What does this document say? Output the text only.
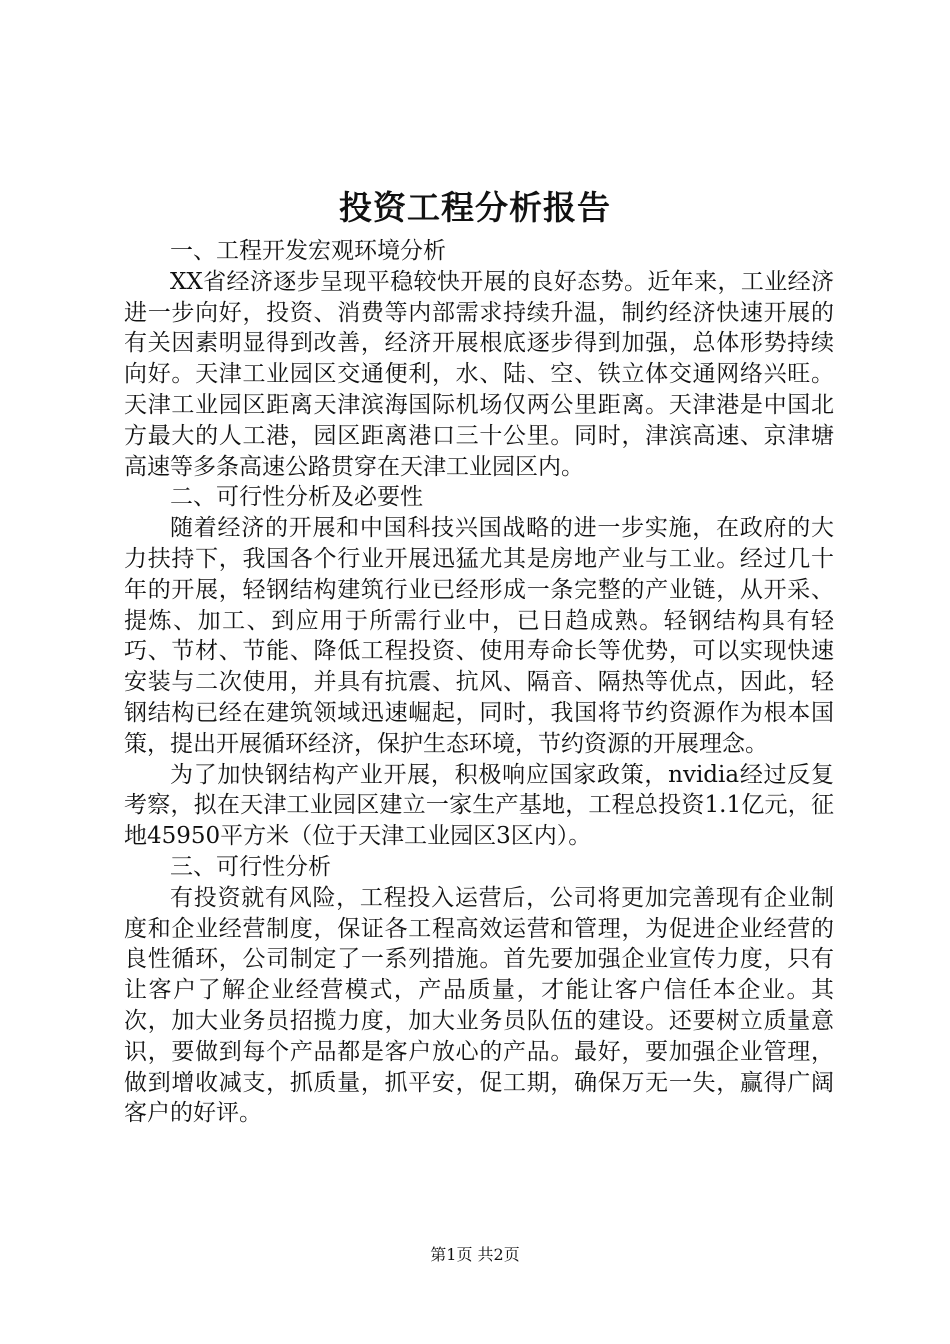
投资工程分析报告
一、工程开发宏观环境分析

XX省经济逐步呈现平稳较快开展的良好态势。近年来，工业经济进一步向好，投资、消费等内部需求持续升温，制约经济快速开展的有关因素明显得到改善，经济开展根底逐步得到加强，总体形势持续向好。天津工业园区交通便利，水、陆、空、铁立体交通网络兴旺。天津工业园区距离天津滨海国际机场仅两公里距离。天津港是中国北方最大的人工港，园区距离港口三十公里。同时，津滨高速、京津塘高速等多条高速公路贯穿在天津工业园区内。

二、可行性分析及必要性

随着经济的开展和中国科技兴国战略的进一步实施，在政府的大力扶持下，我国各个行业开展迅猛尤其是房地产业与工业。经过几十年的开展，轻钢结构建筑行业已经形成一条完整的产业链，从开采、提炼、加工、到应用于所需行业中，已日趋成熟。轻钢结构具有轻巧、节材、节能、降低工程投资、使用寿命长等优势，可以实现快速安装与二次使用，并具有抗震、抗风、隔音、隔热等优点，因此，轻钢结构已经在建筑领域迅速崛起，同时，我国将节约资源作为根本国策，提出开展循环经济，保护生态环境，节约资源的开展理念。

为了加快钢结构产业开展，积极响应国家政策，nvidia经过反复考察，拟在天津工业园区建立一家生产基地，工程总投资1.1亿元，征地45950平方米（位于天津工业园区3区内）。

三、可行性分析

有投资就有风险，工程投入运营后，公司将更加完善现有企业制度和企业经营制度，保证各工程高效运营和管理，为促进企业经营的良性循环，公司制定了一系列措施。首先要加强企业宣传力度，只有让客户了解企业经营模式，产品质量，才能让客户信任本企业。其次，加大业务员招揽力度，加大业务员队伍的建设。还要树立质量意识，要做到每个产品都是客户放心的产品。最好，要加强企业管理，做到增收减支，抓质量，抓平安，促工期，确保万无一失，赢得广阔客户的好评。

第1页 共2页
